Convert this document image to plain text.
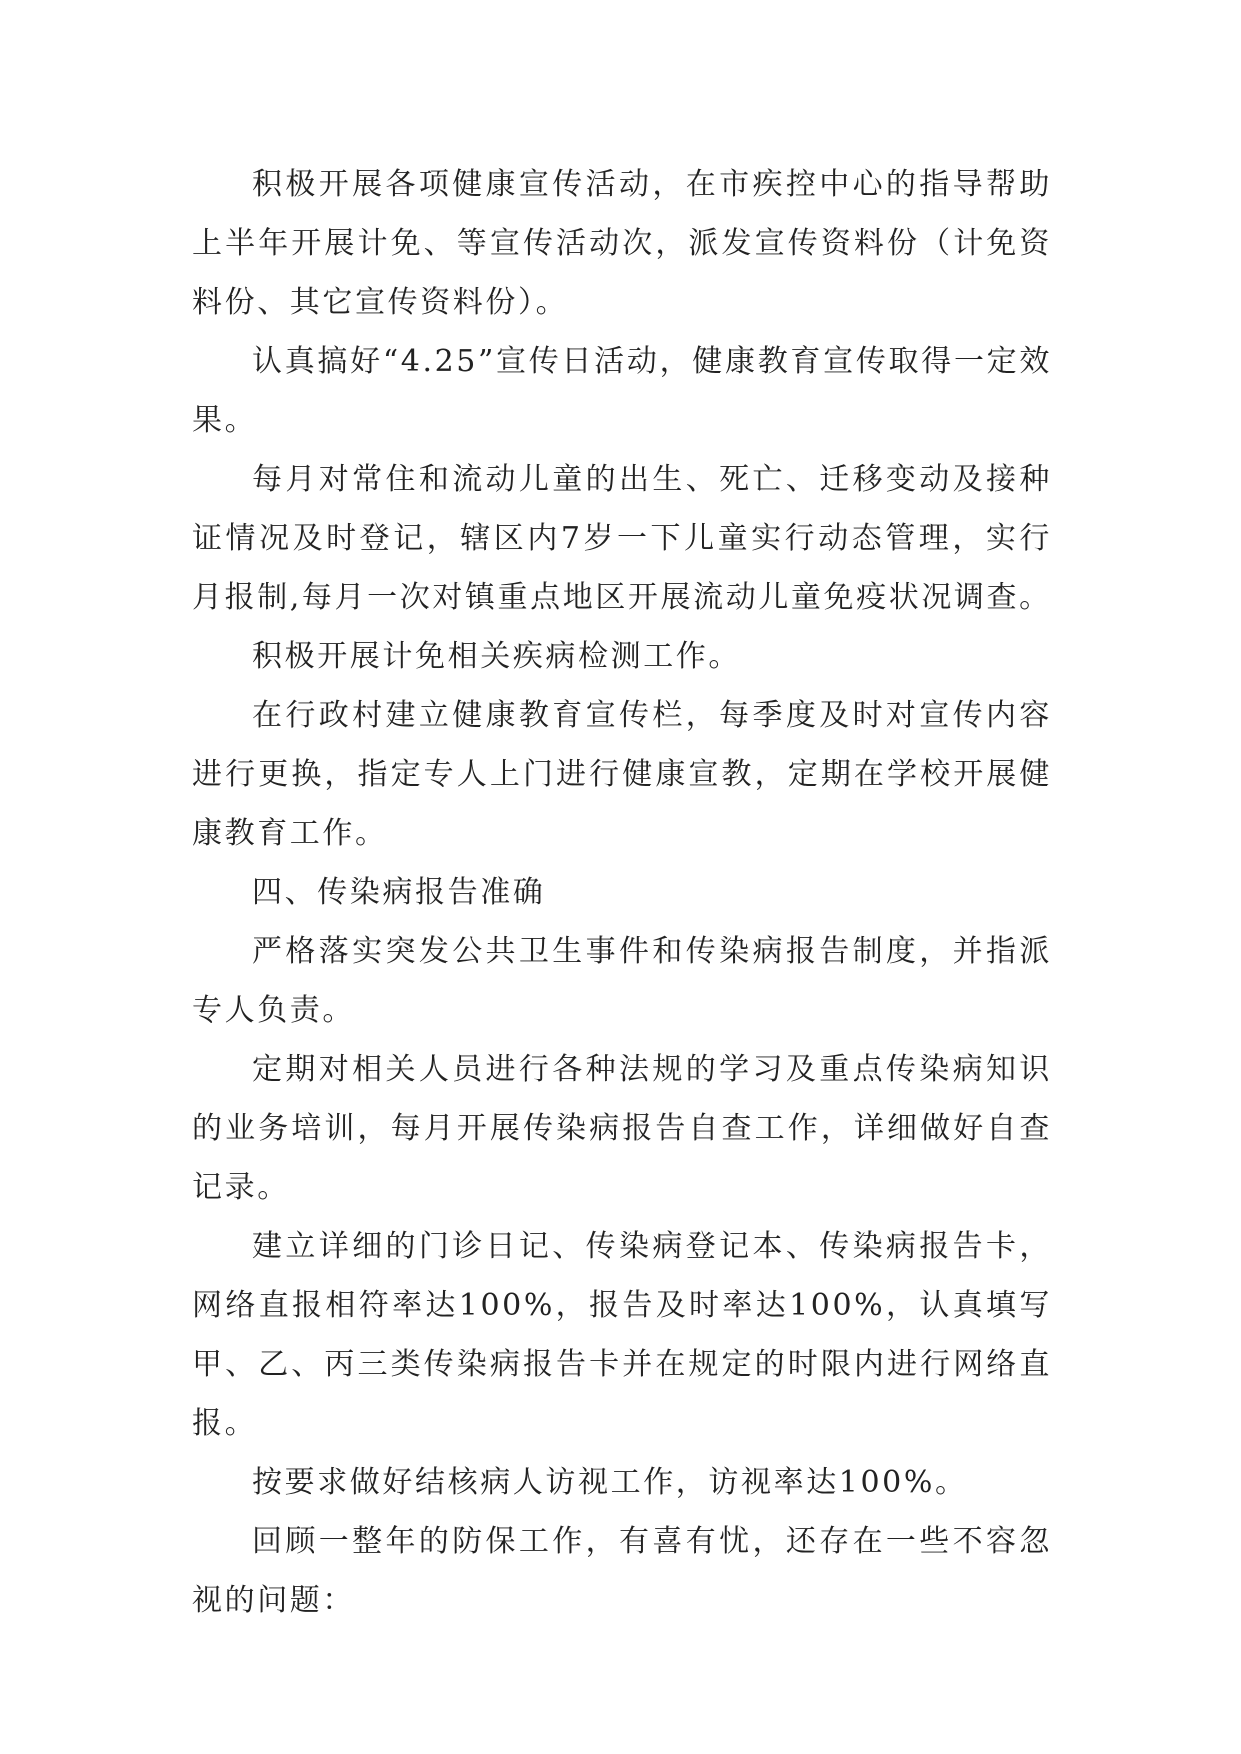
积极开展各项健康宣传活动，在市疾控中心的指导帮助上半年开展计免、等宣传活动次，派发宣传资料份（计免资料份、其它宣传资料份）。

认真搞好“4.25”宣传日活动，健康教育宣传取得一定效果。

每月对常住和流动儿童的出生、死亡、迁移变动及接种证情况及时登记，辖区内7岁一下儿童实行动态管理，实行月报制,每月一次对镇重点地区开展流动儿童免疫状况调查。

积极开展计免相关疾病检测工作。

在行政村建立健康教育宣传栏，每季度及时对宣传内容进行更换，指定专人上门进行健康宣教，定期在学校开展健康教育工作。

四、传染病报告准确

严格落实突发公共卫生事件和传染病报告制度，并指派专人负责。

定期对相关人员进行各种法规的学习及重点传染病知识的业务培训，每月开展传染病报告自查工作，详细做好自查记录。

建立详细的门诊日记、传染病登记本、传染病报告卡，网络直报相符率达100%，报告及时率达100%，认真填写甲、乙、丙三类传染病报告卡并在规定的时限内进行网络直报。

按要求做好结核病人访视工作，访视率达100%。

回顾一整年的防保工作，有喜有忧，还存在一些不容忽视的问题：
